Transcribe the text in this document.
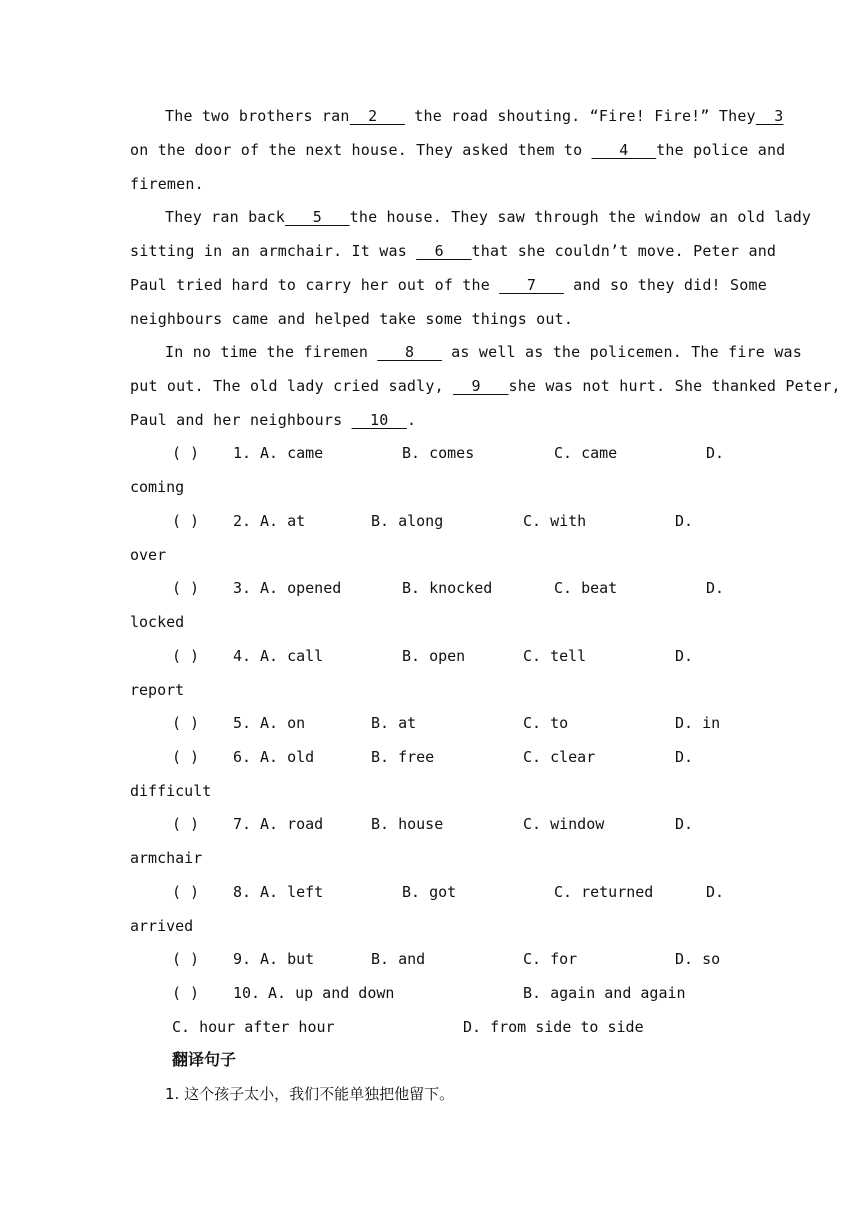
The two brothers ran  2    the road shouting. “Fire! Fire!” They  3
on the door of the next house. They asked them to    4   the police and
firemen.
They ran back   5   the house. They saw through the window an old lady
sitting in an armchair. It was   6   that she couldn’t move. Peter and
Paul tried hard to carry her out of the    7    and so they did! Some
neighbours came and helped take some things out.
In no time the firemen    8    as well as the policemen. The fire was
put out. The old lady cried sadly,   9   she was not hurt. She thanked Peter,
Paul and her neighbours   10  .
( ) 1. A. came	B. comes	C. came	D.
coming
( ) 2. A. at	B. along	C. with	D.
over
( ) 3. A. opened	B. knocked	C. beat	D.
locked
( ) 4. A. call	B. open	C. tell	D.
report
( ) 5. A. on	B. at	C. to	D. in
( ) 6. A. old	B. free	C. clear	D.
difficult
( ) 7. A. road	B. house	C. window	D.
armchair
( ) 8. A. left	B. got	C. returned	D.
arrived
( ) 9. A. but	B. and	C. for	D. so
( ) 10. A. up and down	B. again and again
C. hour after hour	D. from side to side
翻译句子
1. 这个孩子太小，我们不能单独把他留下。
